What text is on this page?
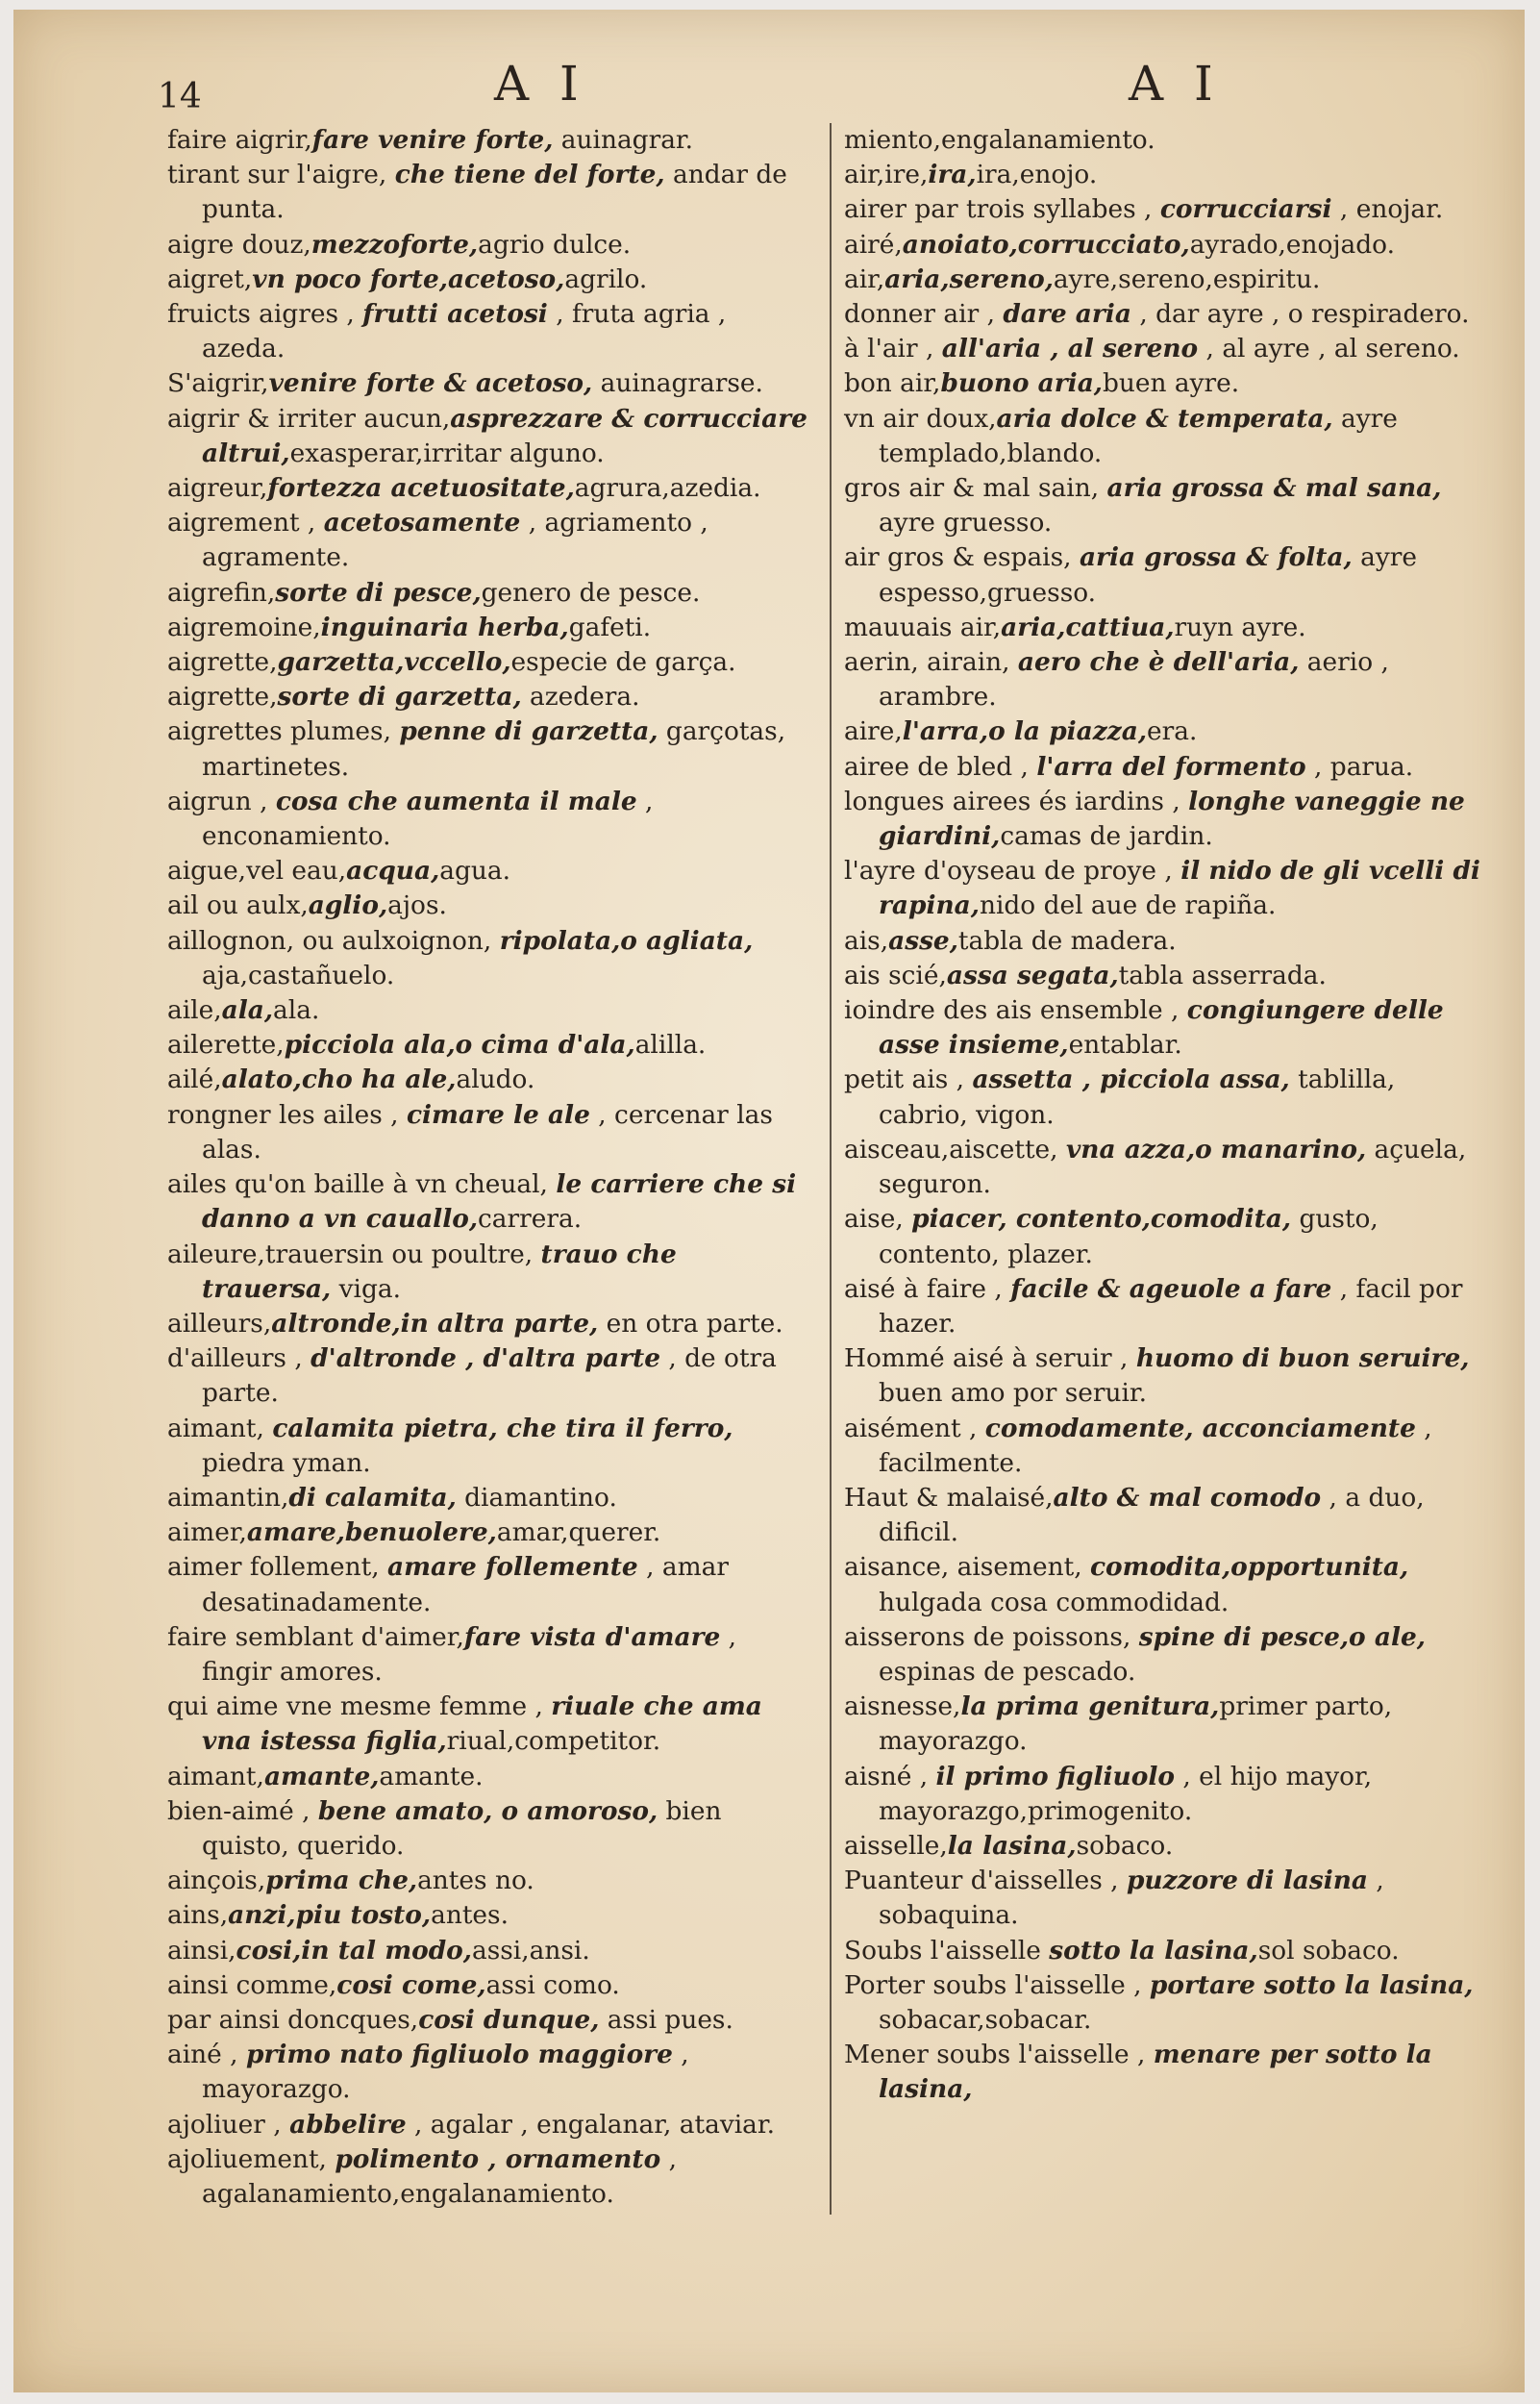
14	A I	A I

faire aigrir,fare venire forte, auinagrar.

tirant sur l'aigre, che tiene del forte, andar de punta.

aigre douz,mezzoforte,agrio dulce.

aigret,vn poco forte,acetoso,agrilo.

fruicts aigres , frutti acetosi , fruta agria , azeda.

S'aigrir,venire forte & acetoso, auinagrarse.

aigrir & irriter aucun,asprezzare & corrucciare altrui,exasperar,irritar alguno.

aigreur,fortezza acetuositate,agrura,azedia.

aigrement , acetosamente , agriamento , agramente.

aigrefin,sorte di pesce,genero de pesce.

aigremoine,inguinaria herba,gafeti.

aigrette,garzetta,vccello,especie de garça.

aigrette,sorte di garzetta, azedera.

aigrettes plumes, penne di garzetta, garçotas, martinetes.

aigrun , cosa che aumenta il male , enconamiento.

aigue,vel eau,acqua,agua.

ail ou aulx,aglio,ajos.

aillognon, ou aulxoignon, ripolata,o agliata, aja,castañuelo.

aile,ala,ala.

ailerette,picciola ala,o cima d'ala,alilla.

ailé,alato,cho ha ale,aludo.

rongner les ailes , cimare le ale , cercenar las alas.

ailes qu'on baille à vn cheual, le carriere che si danno a vn cauallo,carrera.

aileure,trauersin ou poultre, trauo che trauersa, viga.

ailleurs,altronde,in altra parte, en otra parte.

d'ailleurs , d'altronde , d'altra parte , de otra parte.

aimant, calamita pietra, che tira il ferro, piedra yman.

aimantin,di calamita, diamantino.

aimer,amare,benuolere,amar,querer.

aimer follement, amare follemente , amar desatinadamente.

faire semblant d'aimer,fare vista d'amare , fingir amores.

qui aime vne mesme femme , riuale che ama vna istessa figlia,riual,competitor.

aimant,amante,amante.

bien-aimé , bene amato, o amoroso, bien quisto, querido.

ainçois,prima che,antes no.

ains,anzi,piu tosto,antes.

ainsi,cosi,in tal modo,assi,ansi.

ainsi comme,cosi come,assi como.

par ainsi doncques,cosi dunque, assi pues.

ainé , primo nato figliuolo maggiore , mayorazgo.

ajoliuer , abbelire , agalar , engalanar, ataviar.

ajoliuement, polimento , ornamento , agalanamiento,engalanamiento.

miento,engalanamiento.

air,ire,ira,ira,enojo.

airer par trois syllabes , corrucciarsi , enojar.

airé,anoiato,corrucciato,ayrado,enojado.

air,aria,sereno,ayre,sereno,espiritu.

donner air , dare aria , dar ayre , o respiradero.

à l'air , all'aria , al sereno , al ayre , al sereno.

bon air,buono aria,buen ayre.

vn air doux,aria dolce & temperata, ayre templado,blando.

gros air & mal sain, aria grossa & mal sana, ayre gruesso.

air gros & espais, aria grossa & folta, ayre espesso,gruesso.

mauuais air,aria,cattiua,ruyn ayre.

aerin, airain, aero che è dell'aria, aerio , arambre.

aire,l'arra,o la piazza,era.

airee de bled , l'arra del formento , parua.

longues airees és iardins , longhe vaneggie ne giardini,camas de jardin.

l'ayre d'oyseau de proye , il nido de gli vcelli di rapina,nido del aue de rapiña.

ais,asse,tabla de madera.

ais scié,assa segata,tabla asserrada.

ioindre des ais ensemble , congiungere delle asse insieme,entablar.

petit ais , assetta , picciola assa, tablilla, cabrio, vigon.

aisceau,aiscette, vna azza,o manarino, açuela, seguron.

aise, piacer, contento,comodita, gusto, contento, plazer.

aisé à faire , facile & ageuole a fare , facil por hazer.

Hommé aisé à seruir , huomo di buon seruire, buen amo por seruir.

aisément , comodamente, acconciamente , facilmente.

Haut & malaisé,alto & mal comodo , a duo, dificil.

aisance, aisement, comodita,opportunita, hulgada cosa commodidad.

aisserons de poissons, spine di pesce,o ale, espinas de pescado.

aisnesse,la prima genitura,primer parto, mayorazgo.

aisné , il primo figliuolo , el hijo mayor, mayorazgo,primogenito.

aisselle,la lasina,sobaco.

Puanteur d'aisselles , puzzore di lasina , sobaquina.

Soubs l'aisselle sotto la lasina,sol sobaco.

Porter soubs l'aisselle , portare sotto la lasina, sobacar,sobacar.

Mener soubs l'aisselle , menare per sotto la lasina,
